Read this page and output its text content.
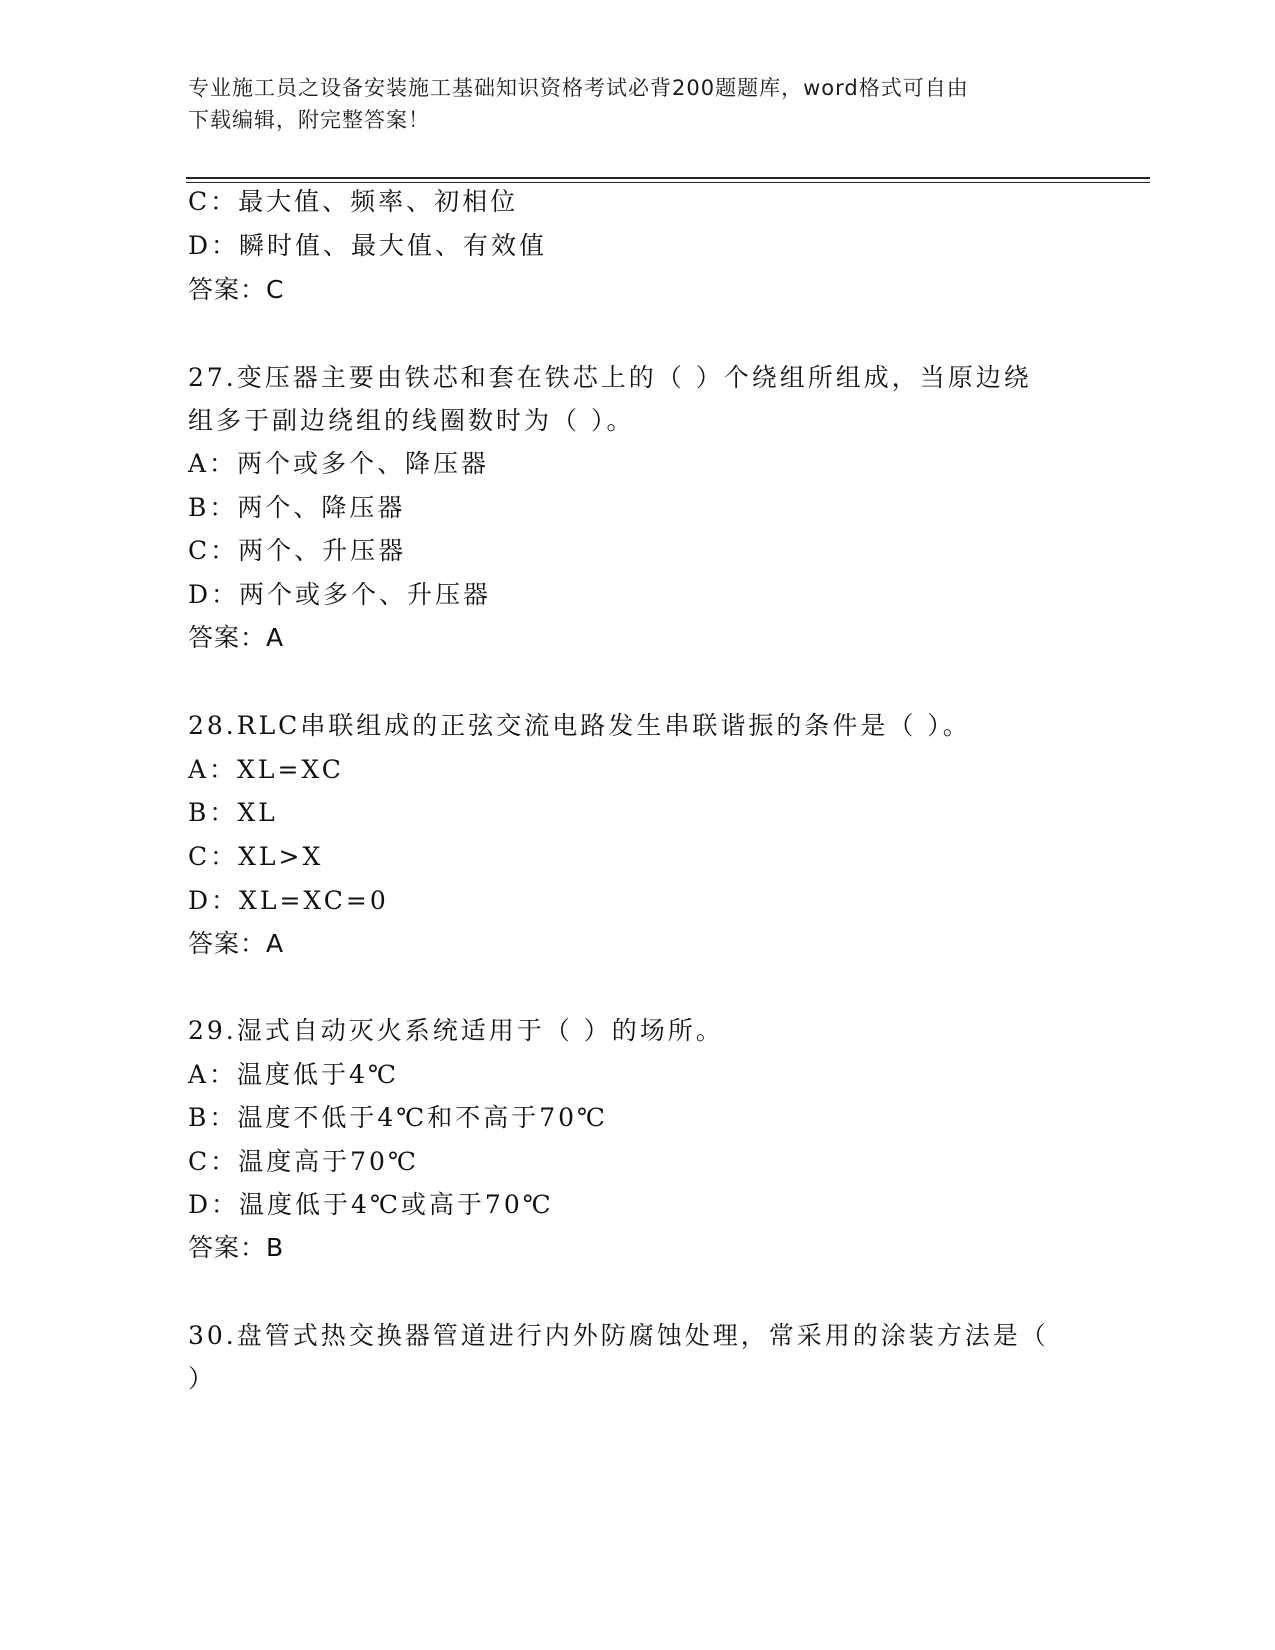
专业施工员之设备安装施工基础知识资格考试必背200题题库，word格式可自由
下载编辑，附完整答案！
C：最大值、频率、初相位
D：瞬时值、最大值、有效值
答案：C
27.变压器主要由铁芯和套在铁芯上的（ ）个绕组所组成，当原边绕
组多于副边绕组的线圈数时为（ ）。
A：两个或多个、降压器
B：两个、降压器
C：两个、升压器
D：两个或多个、升压器
答案：A
28.RLC串联组成的正弦交流电路发生串联谐振的条件是（ ）。
A：XL=XC
B：XL
C：XL>X
D：XL=XC=0
答案：A
29.湿式自动灭火系统适用于（ ）的场所。
A：温度低于4℃
B：温度不低于4℃和不高于70℃
C：温度高于70℃
D：温度低于4℃或高于70℃
答案：B
30.盘管式热交换器管道进行内外防腐蚀处理，常采用的涂装方法是（
）
